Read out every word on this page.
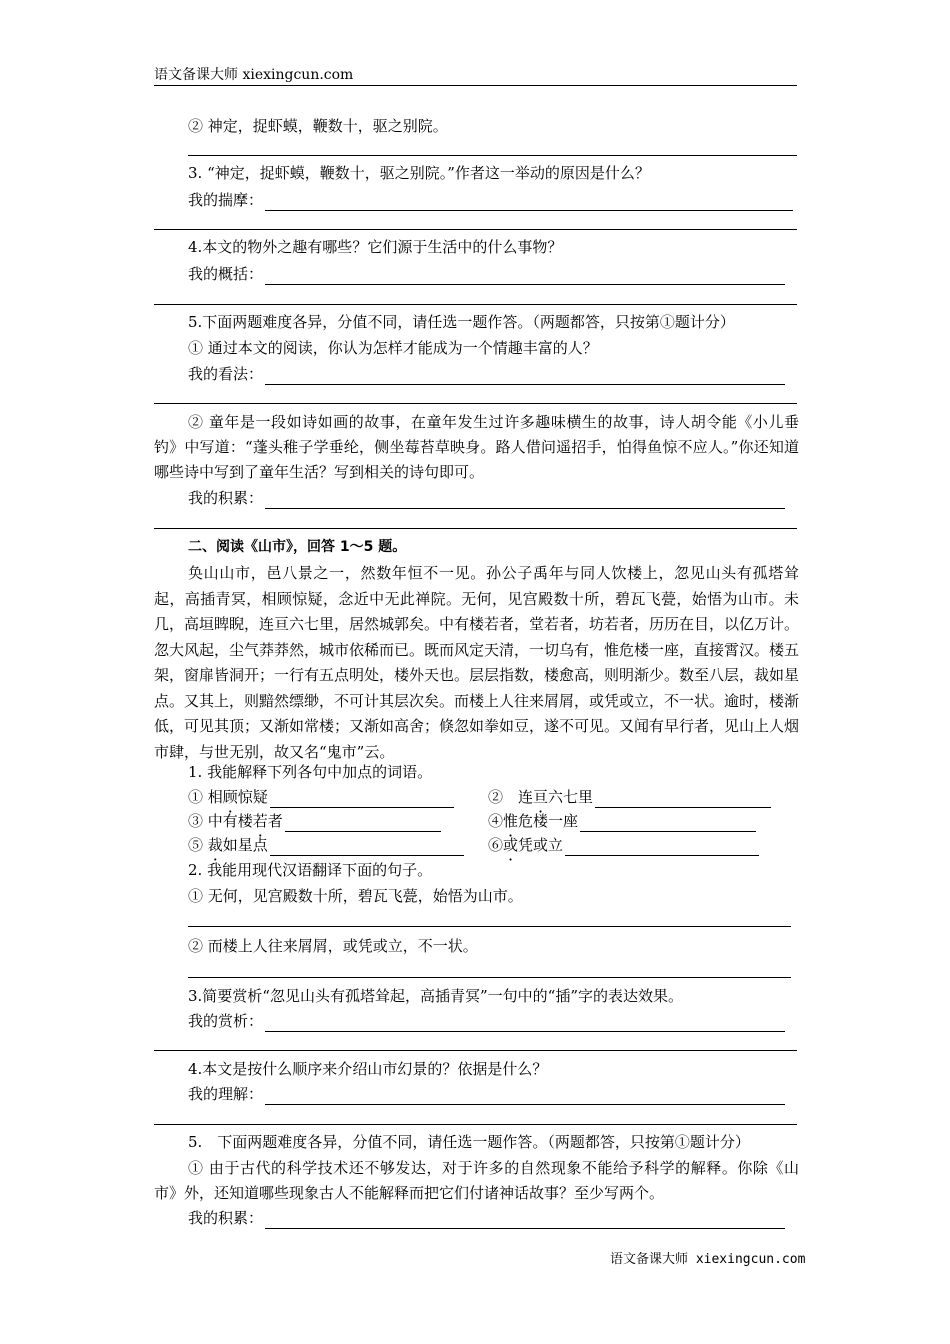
语文备课大师 xiexingcun.com
② 神定，捉虾蟆，鞭数十，驱之别院。
3. “神定，捉虾蟆，鞭数十，驱之别院。”作者这一举动的原因是什么？
我的揣摩：
4.本文的物外之趣有哪些？它们源于生活中的什么事物？
我的概括：
5.下面两题难度各异，分值不同，请任选一题作答。（两题都答，只按第①题计分）
① 通过本文的阅读，你认为怎样才能成为一个情趣丰富的人？
我的看法：
② 童年是一段如诗如画的故事，在童年发生过许多趣味横生的故事，诗人胡令能《小儿垂钓》中写道：“蓬头稚子学垂纶，侧坐莓苔草映身。路人借问遥招手，怕得鱼惊不应人。”你还知道哪些诗中写到了童年生活？写到相关的诗句即可。
我的积累：
二、阅读《山市》，回答 1～5 题。
奂山山市，邑八景之一，然数年恒不一见。孙公子禹年与同人饮楼上，忽见山头有孤塔耸起，高插青冥，相顾惊疑，念近中无此禅院。无何，见宫殿数十所，碧瓦飞甍，始悟为山市。未几，高垣睥睨，连亘六七里，居然城郭矣。中有楼若者，堂若者，坊若者，历历在目，以亿万计。忽大风起，尘气莽莽然，城市依稀而已。既而风定天清，一切乌有，惟危楼一座，直接霄汉。楼五架，窗扉皆洞开；一行有五点明处，楼外天也。层层指数，楼愈高，则明渐少。数至八层，裁如星点。又其上，则黯然缥缈，不可计其层次矣。而楼上人往来屑屑，或凭或立，不一状。逾时，楼渐低，可见其顶；又渐如常楼；又渐如高舍；倏忽如拳如豆，遂不可见。又闻有早行者，见山上人烟市肆，与世无别，故又名“鬼市”云。
1. 我能解释下列各句中加点的词语。
① 相顾惊疑	②　连亘六七里
③ 中有楼若者	④惟危楼一座
⑤ 裁如星点	⑥或凭或立
2. 我能用现代汉语翻译下面的句子。
① 无何，见宫殿数十所，碧瓦飞甍，始悟为山市。
② 而楼上人往来屑屑，或凭或立，不一状。
3.简要赏析“忽见山头有孤塔耸起，高插青冥”一句中的“插”字的表达效果。
我的赏析：
4.本文是按什么顺序来介绍山市幻景的？依据是什么？
我的理解：
5.　下面两题难度各异，分值不同，请任选一题作答。（两题都答，只按第①题计分）
① 由于古代的科学技术还不够发达，对于许多的自然现象不能给予科学的解释。你除《山市》外，还知道哪些现象古人不能解释而把它们付诸神话故事？至少写两个。
我的积累：
语文备课大师 xiexingcun.com
